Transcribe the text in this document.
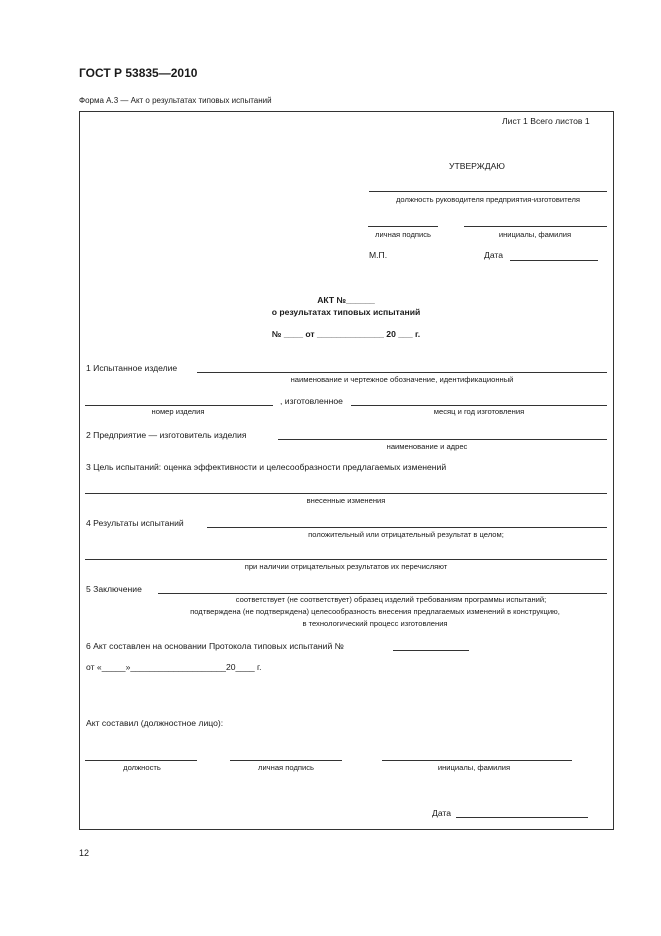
ГОСТ Р 53835—2010
Форма А.3 — Акт о результатах типовых испытаний
Лист 1 Всего листов 1
УТВЕРЖДАЮ
должность руководителя предприятия-изготовителя
личная подпись	инициалы, фамилия
М.П.	Дата
АКТ №______
о результатах типовых испытаний
№ ____ от ______________ 20 ___ г.
1 Испытанное изделие
наименование и чертежное обозначение, идентификационный
, изготовленное
номер изделия	месяц и год изготовления
2 Предприятие — изготовитель изделия
наименование и адрес
3 Цель испытаний: оценка эффективности и целесообразности предлагаемых изменений
внесенные изменения
4 Результаты испытаний
положительный или отрицательный результат в целом;
при наличии отрицательных результатов их перечисляют
5 Заключение
соответствует (не соответствует) образец изделий требованиям программы испытаний;
подтверждена (не подтверждена) целесообразность внесения предлагаемых изменений в конструкцию,
в технологический процесс изготовления
6 Акт составлен на основании Протокола типовых испытаний №
от «_____»____________________20____ г.
Акт составил (должностное лицо):
должность	личная подпись	инициалы, фамилия
Дата
12
